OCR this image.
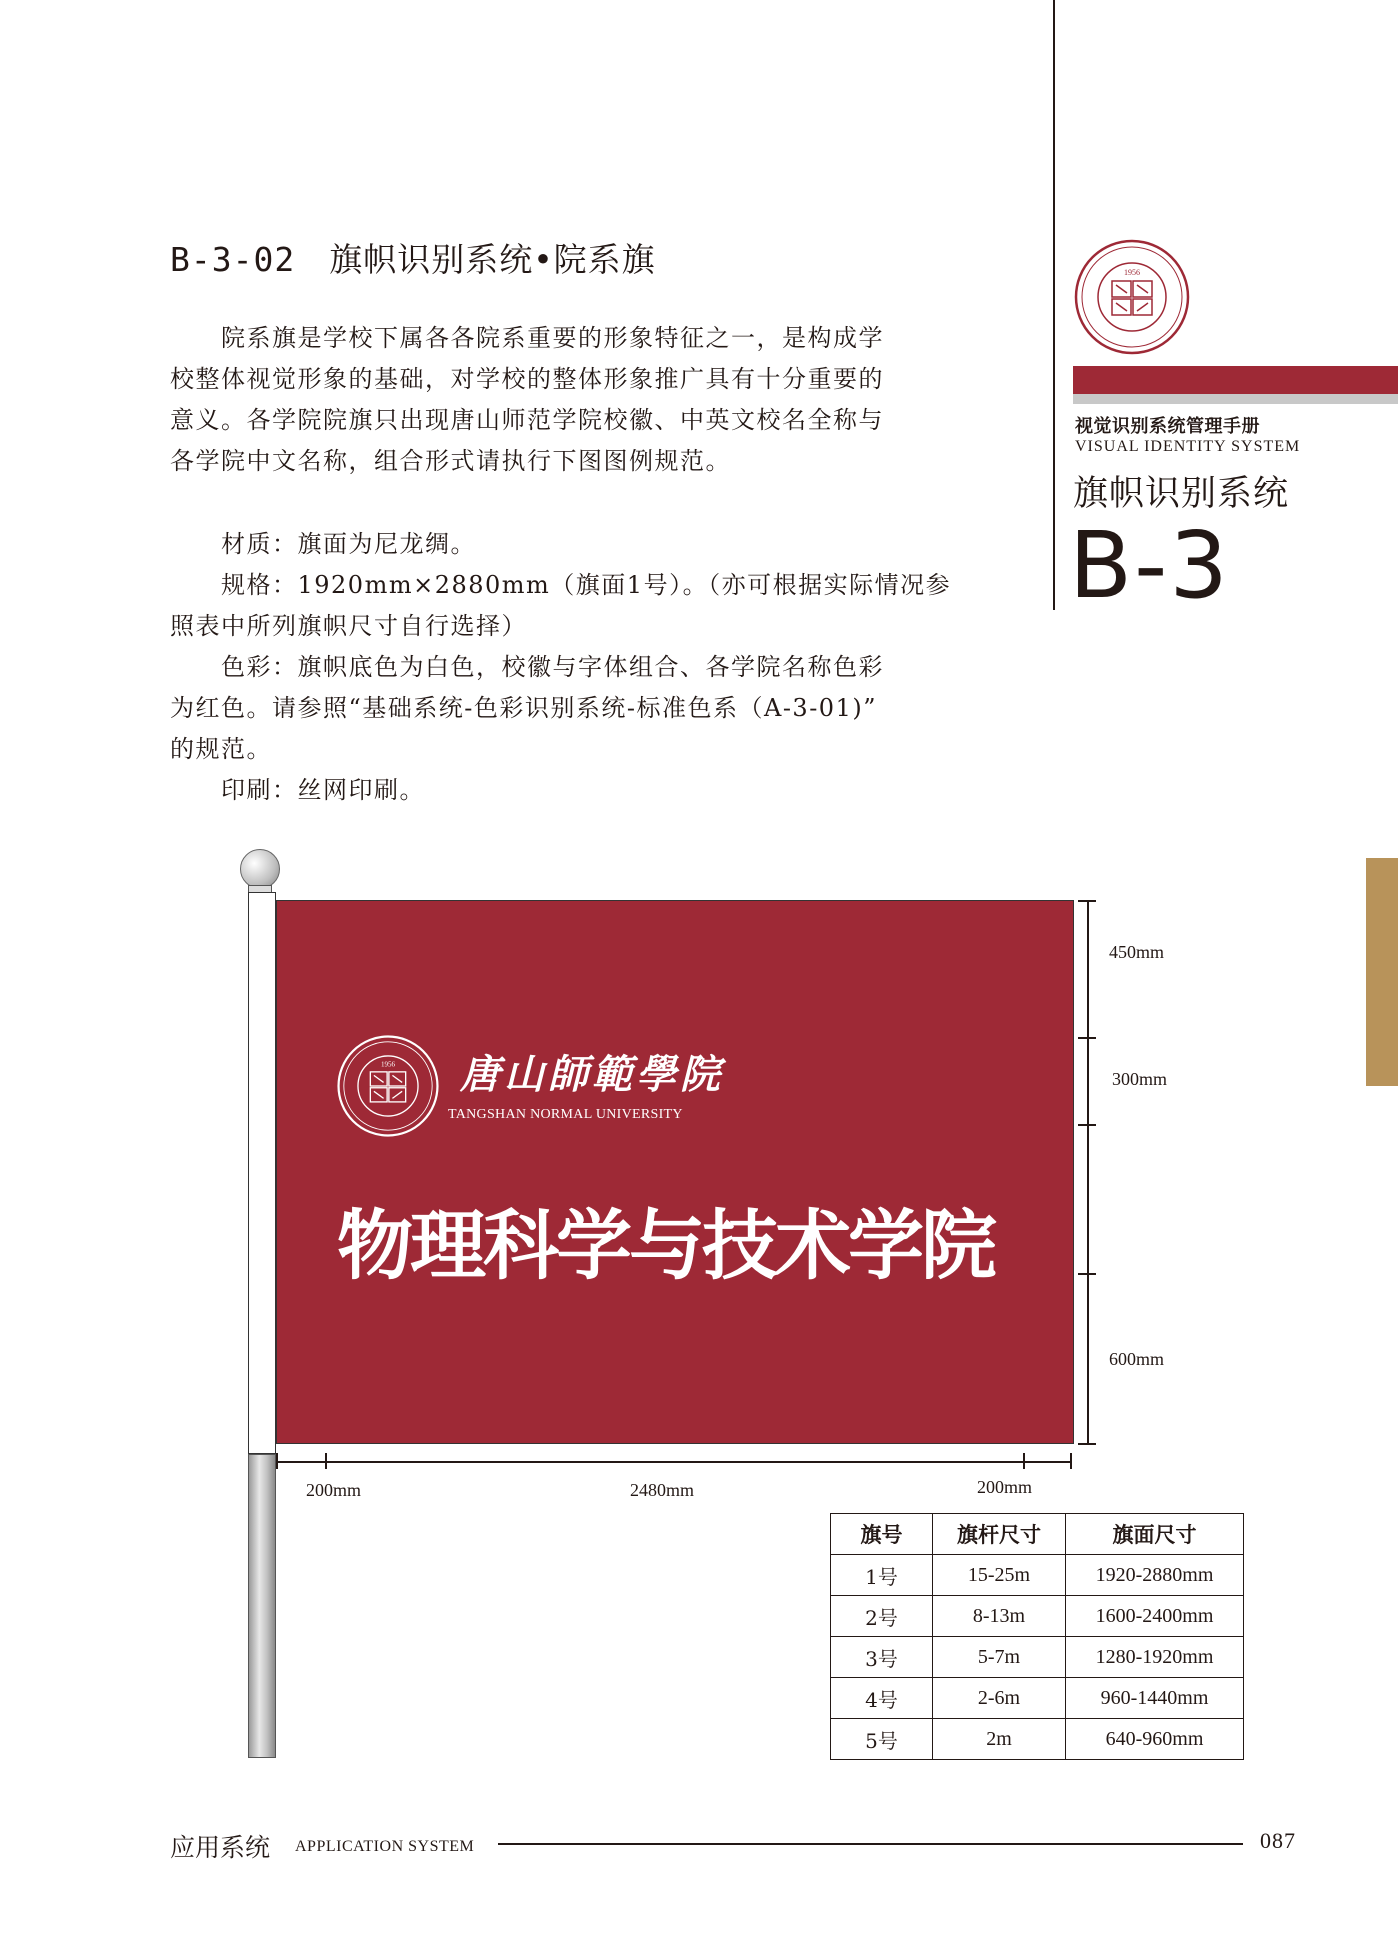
1956
视觉识别系统管理手册
VISUAL IDENTITY SYSTEM
旗帜识别系统
B-3
B-3-02 旗帜识别系统•院系旗
　　院系旗是学校下属各各院系重要的形象特征之一，是构成学
校整体视觉形象的基础，对学校的整体形象推广具有十分重要的
意义。各学院院旗只出现唐山师范学院校徽、中英文校名全称与
各学院中文名称，组合形式请执行下图图例规范。
　　材质：旗面为尼龙绸。
　　规格：1920mm×2880mm（旗面1号）。（亦可根据实际情况参
照表中所列旗帜尺寸自行选择）
　　色彩：旗帜底色为白色，校徽与字体组合、各学院名称色彩
为红色。请参照“基础系统-色彩识别系统-标准色系（A-3-01)”
的规范。
　　印刷：丝网印刷。
1956 唐山師範學院
TANGSHAN NORMAL UNIVERSITY
物理科学与技术学院
450mm
300mm
600mm
200mm	2480mm	200mm
旗号	旗杆尺寸	旗面尺寸
1号	15-25m	1920-2880mm
2号	8-13m	1600-2400mm
3号	5-7m	1280-1920mm
4号	2-6m	960-1440mm
5号	2m	640-960mm
应用系统 APPLICATION SYSTEM	087
